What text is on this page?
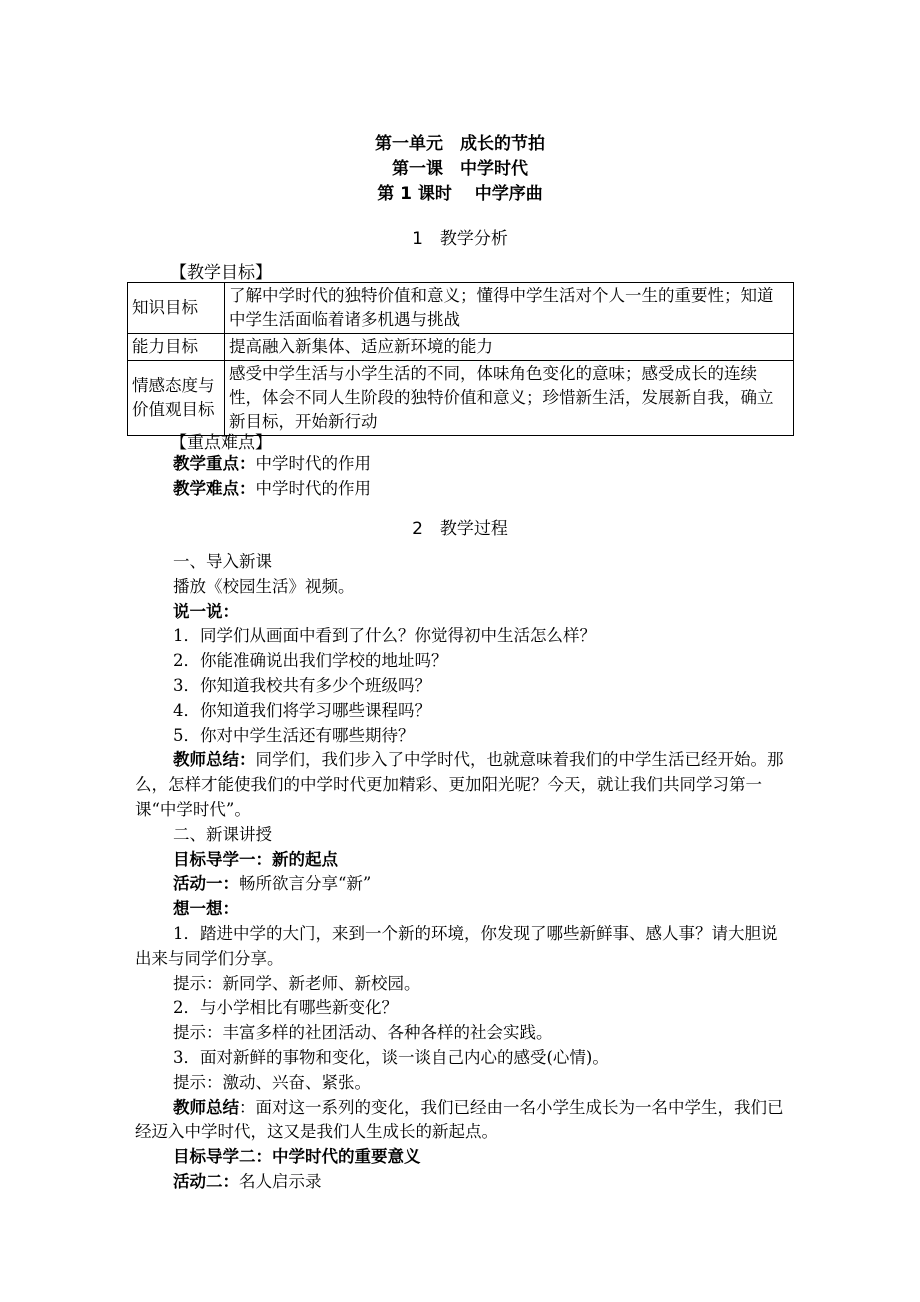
第一单元　成长的节拍
第一课　中学时代
第 1 课时　 中学序曲
1　教学分析
【教学目标】
知识目标	了解中学时代的独特价值和意义；懂得中学生活对个人一生的重要性；知道中学生活面临着诸多机遇与挑战
能力目标	提高融入新集体、适应新环境的能力
情感态度与价值观目标	感受中学生活与小学生活的不同，体味角色变化的意味；感受成长的连续性，体会不同人生阶段的独特价值和意义；珍惜新生活，发展新自我，确立新目标，开始新行动
【重点难点】

教学重点：中学时代的作用

教学难点：中学时代的作用

2　教学过程

一、导入新课

播放《校园生活》视频。

说一说：

1．同学们从画面中看到了什么？你觉得初中生活怎么样？

2．你能准确说出我们学校的地址吗？

3．你知道我校共有多少个班级吗？

4．你知道我们将学习哪些课程吗？

5．你对中学生活还有哪些期待？

教师总结：同学们，我们步入了中学时代，也就意味着我们的中学生活已经开始。那么，怎样才能使我们的中学时代更加精彩、更加阳光呢？今天，就让我们共同学习第一课“中学时代”。

二、新课讲授

目标导学一：新的起点

活动一：畅所欲言分享“新”

想一想：

1．踏进中学的大门，来到一个新的环境，你发现了哪些新鲜事、感人事？请大胆说出来与同学们分享。

提示：新同学、新老师、新校园。

2．与小学相比有哪些新变化？

提示：丰富多样的社团活动、各种各样的社会实践。

3．面对新鲜的事物和变化，谈一谈自己内心的感受(心情)。

提示：激动、兴奋、紧张。

教师总结：面对这一系列的变化，我们已经由一名小学生成长为一名中学生，我们已经迈入中学时代，这又是我们人生成长的新起点。

目标导学二：中学时代的重要意义

活动二：名人启示录
